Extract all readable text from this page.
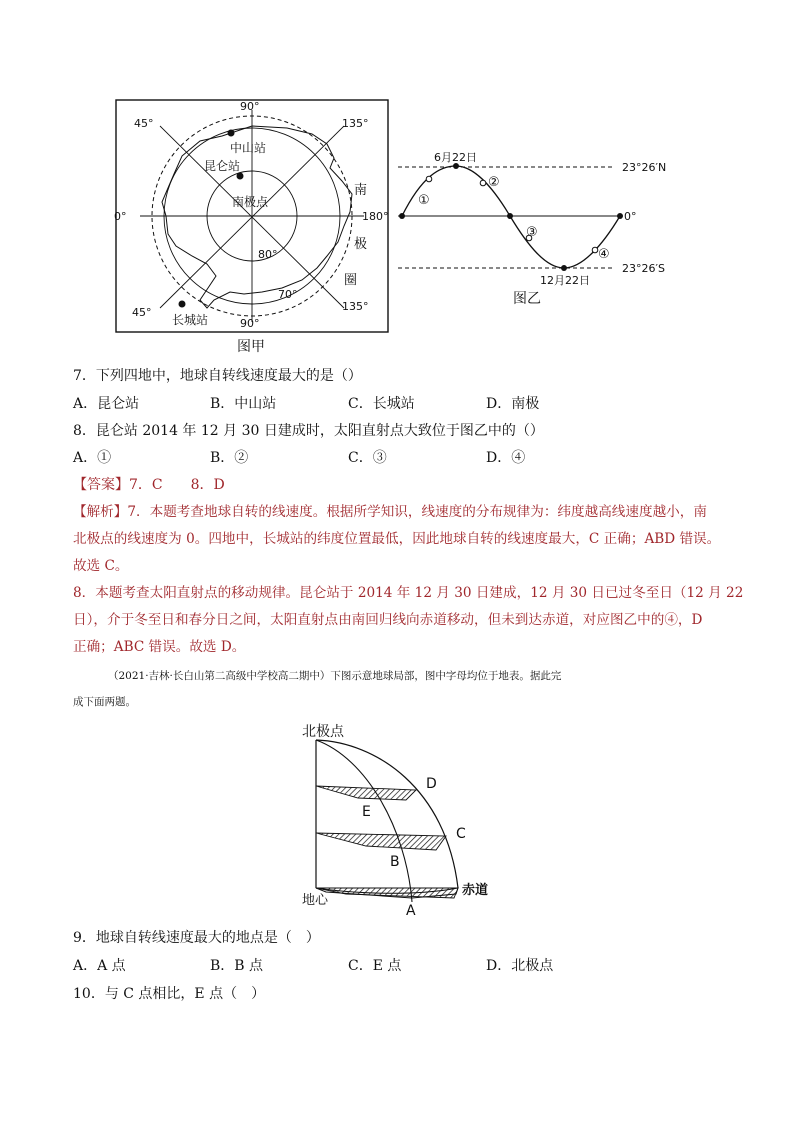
90°
90°
45°
45°
135°
135°
0°	180°
80°
70°
中山站
昆仑站
南极点
长城站
南
极
圈
图甲
6月22日
12月22日
23°26′N
23°26′S
0°
①
②
③
④
图乙
7．下列四地中，地球自转线速度最大的是（）
A．昆仑站	B．中山站	C．长城站	D．南极
8．昆仑站 2014 年 12 月 30 日建成时，太阳直射点大致位于图乙中的（）
A．①	B．②	C．③	D．④
【答案】7．C　　8．D
【解析】7．本题考查地球自转的线速度。根据所学知识，线速度的分布规律为：纬度越高线速度越小，南
北极点的线速度为 0。四地中，长城站的纬度位置最低，因此地球自转的线速度最大，C 正确；ABD 错误。
故选 C。
8．本题考查太阳直射点的移动规律。昆仑站于 2014 年 12 月 30 日建成，12 月 30 日已过冬至日（12 月 22
日），介于冬至日和春分日之间，太阳直射点由南回归线向赤道移动，但未到达赤道，对应图乙中的④，D
正确；ABC 错误。故选 D。
（2021·吉林·长白山第二高级中学校高二期中）下图示意地球局部，图中字母均位于地表。据此完
成下面两题。
北极点
地心
赤道
A
B
C
D
E
9．地球自转线速度最大的地点是（　）
A．A 点	B．B 点	C．E 点	D．北极点
10．与 C 点相比，E 点（　）
